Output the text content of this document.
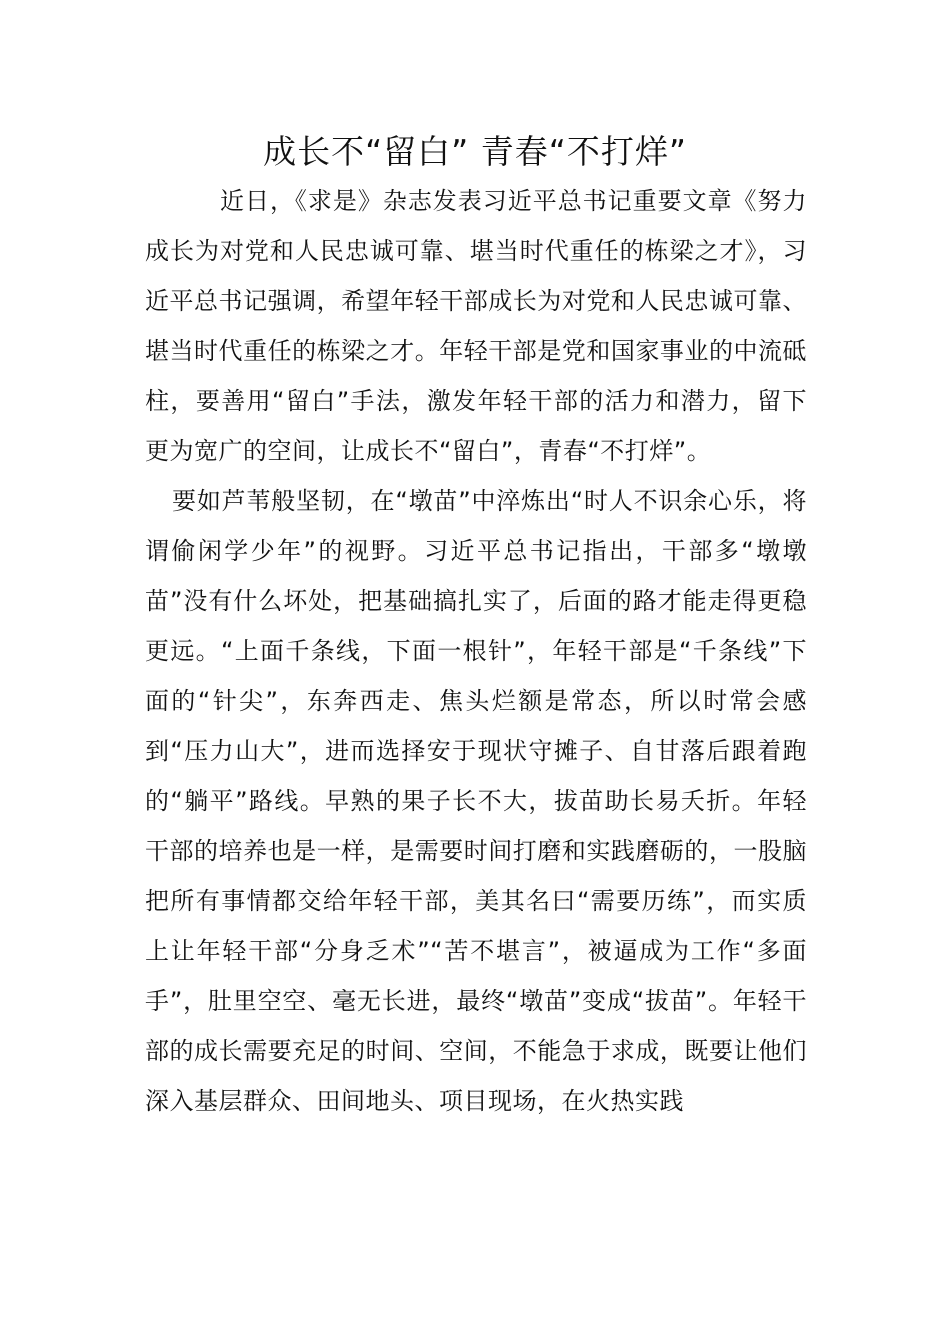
成长不“留白” 青春“不打烊”

近日，《求是》杂志发表习近平总书记重要文章《努力成长为对党和人民忠诚可靠、堪当时代重任的栋梁之才》，习近平总书记强调，希望年轻干部成长为对党和人民忠诚可靠、堪当时代重任的栋梁之才。年轻干部是党和国家事业的中流砥柱，要善用“留白”手法，激发年轻干部的活力和潜力，留下更为宽广的空间，让成长不“留白”，青春“不打烊”。

要如芦苇般坚韧，在“墩苗”中淬炼出“时人不识余心乐，将谓偷闲学少年”的视野。习近平总书记指出，干部多“墩墩苗”没有什么坏处，把基础搞扎实了，后面的路才能走得更稳更远。“上面千条线，下面一根针”，年轻干部是“千条线”下面的“针尖”，东奔西走、焦头烂额是常态，所以时常会感到“压力山大”，进而选择安于现状守摊子、自甘落后跟着跑的“躺平”路线。早熟的果子长不大，拔苗助长易夭折。年轻干部的培养也是一样，是需要时间打磨和实践磨砺的，一股脑把所有事情都交给年轻干部，美其名曰“需要历练”，而实质上让年轻干部“分身乏术”“苦不堪言”，被逼成为工作“多面手”，肚里空空、毫无长进，最终“墩苗”变成“拔苗”。年轻干部的成长需要充足的时间、空间，不能急于求成，既要让他们深入基层群众、田间地头、项目现场，在火热实践
